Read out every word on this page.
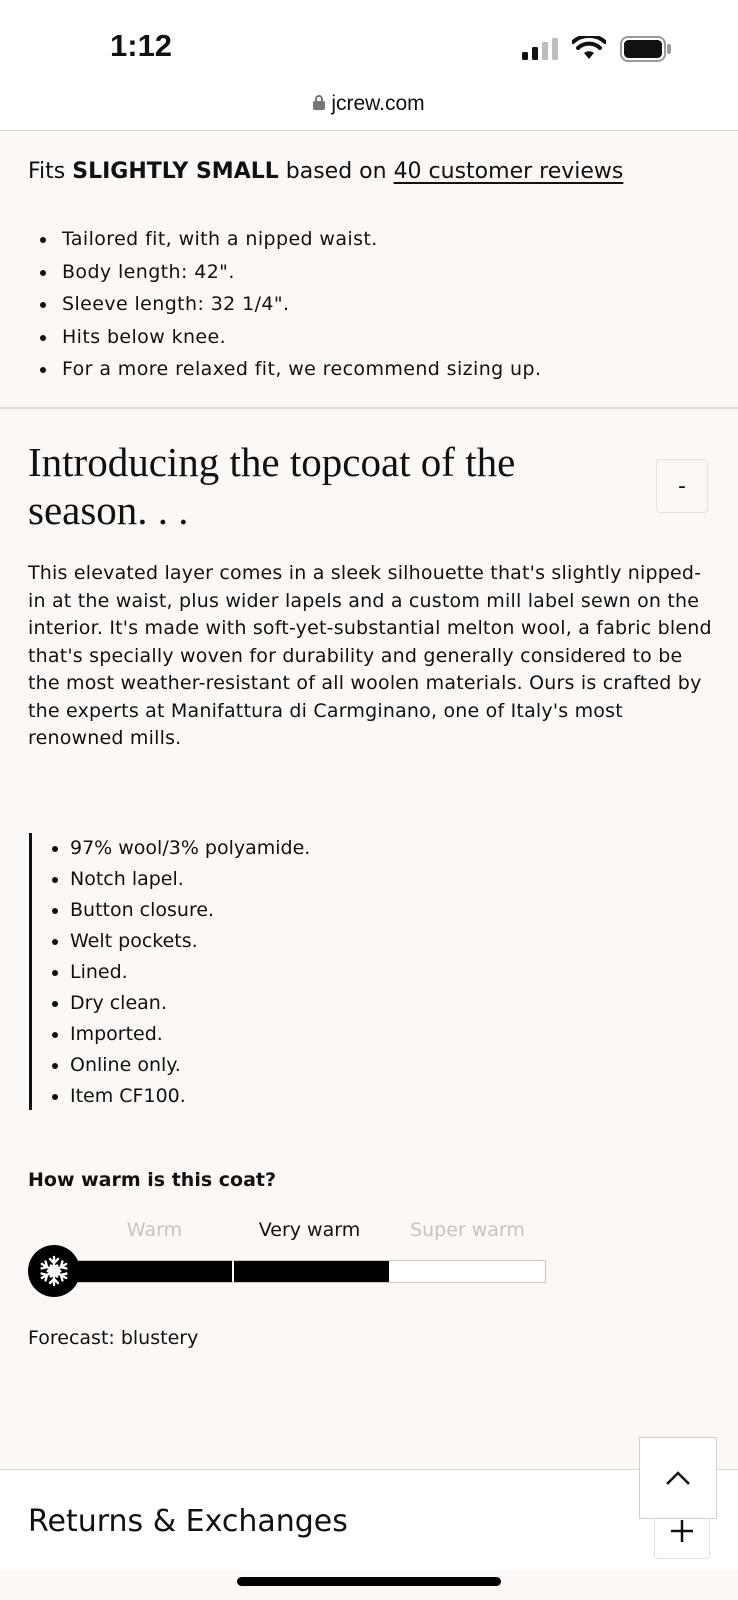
1:12
jcrew.com
Fits SLIGHTLY SMALL based on 40 customer reviews
Tailored fit, with a nipped waist.
Body length: 42".
Sleeve length: 32 1/4".
Hits below knee.
For a more relaxed fit, we recommend sizing up.
Introducing the topcoat of the season. . .
-

This elevated layer comes in a sleek silhouette that's slightly nipped-in at the waist, plus wider lapels and a custom mill label sewn on the interior. It's made with soft-yet-substantial melton wool, a fabric blend that's specially woven for durability and generally considered to be the most weather-resistant of all woolen materials. Ours is crafted by the experts at Manifattura di Carmginano, one of Italy's most renowned mills.

97% wool/3% polyamide.
Notch lapel.
Button closure.
Welt pockets.
Lined.
Dry clean.
Imported.
Online only.
Item CF100.
How warm is this coat?
Warm	Very warm	Super warm
Forecast: blustery
Returns & Exchanges
